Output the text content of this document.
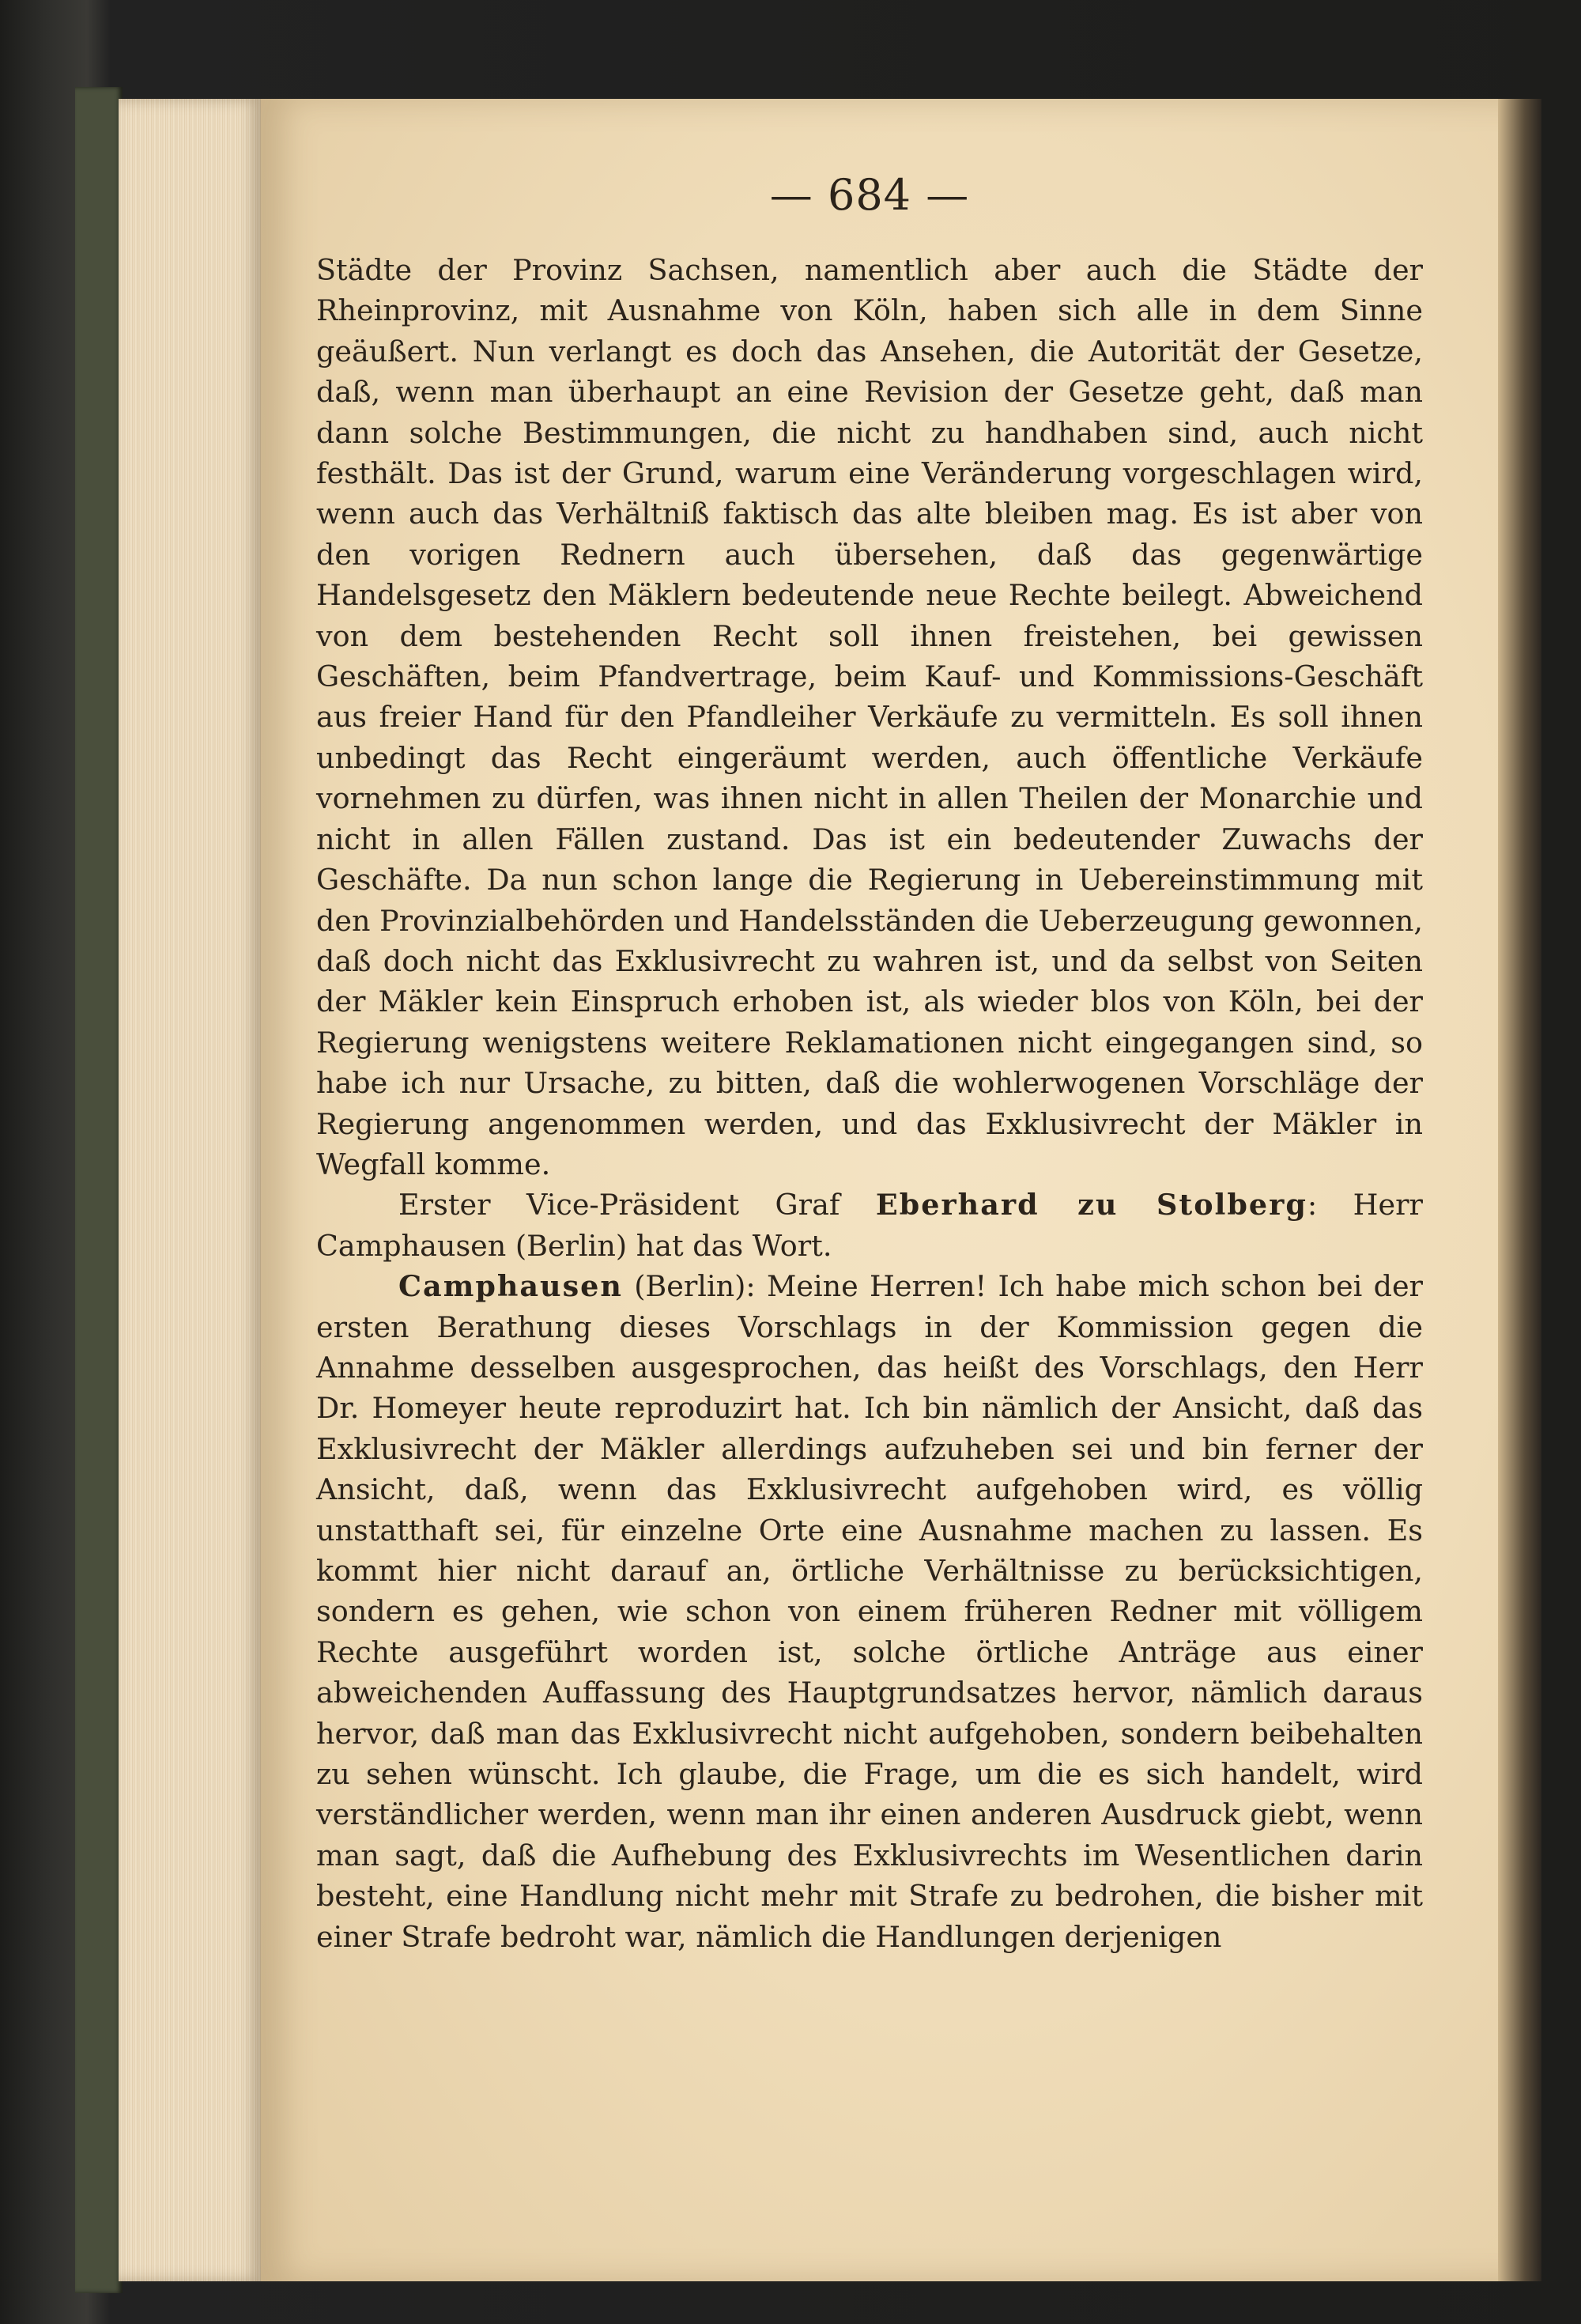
— 684 —

Städte der Provinz Sachsen, namentlich aber auch die Städte der Rheinprovinz, mit Ausnahme von Köln, haben sich alle in dem Sinne geäußert. Nun verlangt es doch das Ansehen, die Autorität der Gesetze, daß, wenn man überhaupt an eine Revision der Gesetze geht, daß man dann solche Bestimmungen, die nicht zu handhaben sind, auch nicht festhält. Das ist der Grund, warum eine Veränderung vorgeschlagen wird, wenn auch das Verhältniß faktisch das alte bleiben mag. Es ist aber von den vorigen Rednern auch übersehen, daß das gegenwärtige Handelsgesetz den Mäklern bedeutende neue Rechte beilegt. Abweichend von dem bestehenden Recht soll ihnen freistehen, bei gewissen Geschäften, beim Pfandvertrage, beim Kauf- und Kommissions-Geschäft aus freier Hand für den Pfandleiher Verkäufe zu vermitteln. Es soll ihnen unbedingt das Recht eingeräumt werden, auch öffentliche Verkäufe vornehmen zu dürfen, was ihnen nicht in allen Theilen der Monarchie und nicht in allen Fällen zustand. Das ist ein bedeutender Zuwachs der Geschäfte. Da nun schon lange die Regierung in Uebereinstimmung mit den Provinzialbehörden und Handelsständen die Ueberzeugung gewonnen, daß doch nicht das Exklusivrecht zu wahren ist, und da selbst von Seiten der Mäkler kein Einspruch erhoben ist, als wieder blos von Köln, bei der Regierung wenigstens weitere Reklamationen nicht eingegangen sind, so habe ich nur Ursache, zu bitten, daß die wohlerwogenen Vorschläge der Regierung angenommen werden, und das Exklusivrecht der Mäkler in Wegfall komme.

Erster Vice-Präsident Graf Eberhard zu Stolberg: Herr Camphausen (Berlin) hat das Wort.

Camphausen (Berlin): Meine Herren! Ich habe mich schon bei der ersten Berathung dieses Vorschlags in der Kommission gegen die Annahme desselben ausgesprochen, das heißt des Vorschlags, den Herr Dr. Homeyer heute reproduzirt hat. Ich bin nämlich der Ansicht, daß das Exklusivrecht der Mäkler allerdings aufzuheben sei und bin ferner der Ansicht, daß, wenn das Exklusivrecht aufgehoben wird, es völlig unstatthaft sei, für einzelne Orte eine Ausnahme machen zu lassen. Es kommt hier nicht darauf an, örtliche Verhältnisse zu berücksichtigen, sondern es gehen, wie schon von einem früheren Redner mit völligem Rechte ausgeführt worden ist, solche örtliche Anträge aus einer abweichenden Auffassung des Hauptgrundsatzes hervor, nämlich daraus hervor, daß man das Exklusivrecht nicht aufgehoben, sondern beibehalten zu sehen wünscht. Ich glaube, die Frage, um die es sich handelt, wird verständlicher werden, wenn man ihr einen anderen Ausdruck giebt, wenn man sagt, daß die Aufhebung des Exklusivrechts im Wesentlichen darin besteht, eine Handlung nicht mehr mit Strafe zu bedrohen, die bisher mit einer Strafe bedroht war, nämlich die Handlungen derjenigen
